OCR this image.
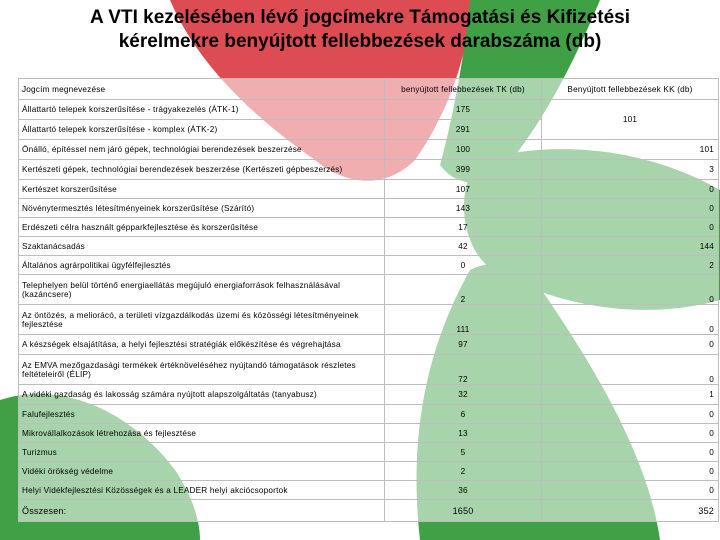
A VTI kezelésében lévő jogcímekre Támogatási és Kifizetési
kérelmekre benyújtott fellebbezések darabszáma (db)
Jogcím megnevezése	benyújtott fellebbezések TK (db)	Benyújtott fellebbezések KK (db)
Állattartó telepek korszerűsítése - trágyakezelés (ÁTK-1)	175	101
Állattartó telepek korszerűsítése - komplex (ÁTK-2)	291	
Önálló, építéssel nem járó gépek, technológiai berendezések beszerzése	100	101
Kertészeti gépek, technológiai berendezések beszerzése (Kertészeti gépbeszerzés)	399	3
Kertészet korszerűsítése	107	0
Növénytermesztés létesítményeinek korszerűsítése (Szárító)	143	0
Erdészeti célra használt gépparkfejlesztése és korszerűsítése	17	0
Szaktanácsadás	42	144
Általános agrárpolitikai ügyfélfejlesztés	0	2
Telephelyen belül történő energiaellátás megújuló energiaforrások felhasználásával (kazáncsere)	2	0
Az öntözés, a meliorácó, a területi vízgazdálkodás üzemi és közösségi létesítményeinek fejlesztése	111	0
A készségek elsajátítása, a helyi fejlesztési stratégiák előkészítése és végrehajtása	97	0
Az EMVA mezőgazdasági termékek értéknöveléséhez nyújtandó támogatások részletes feltételeiről (ÉLIP)	72	0
A vidéki gazdaság és lakosság számára nyújtott alapszolgáltatás (tanyabusz)	32	1
Falufejlesztés	6	0
Mikrovállalkozások létrehozása és fejlesztése	13	0
Turizmus	5	0
Vidéki örökség védelme	2	0
Helyi Vidékfejlesztési Közösségek és a LEADER helyi akciócsoportok	36	0
Összesen:	1650	352
